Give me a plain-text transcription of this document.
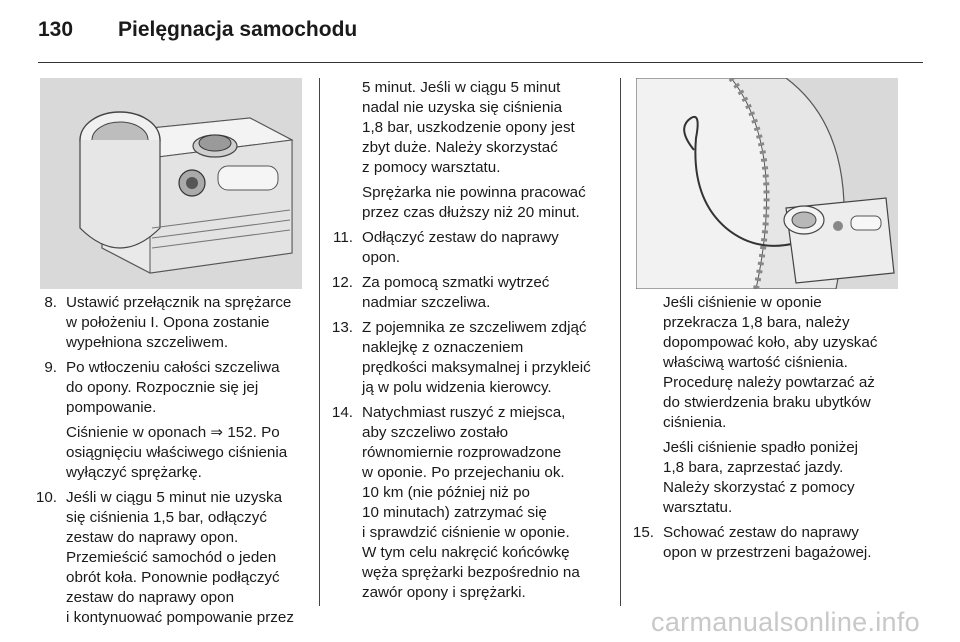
130 Pielęgnacja samochodu
8. Ustawić przełącznik na sprężarce
w położeniu I. Opona zostanie
wypełniona szczeliwem.
9. Po wtłoczeniu całości szczeliwa
do opony. Rozpocznie się jej
pompowanie.
Ciśnienie w oponach ⇒ 152. Po
osiągnięciu właściwego ciśnienia
wyłączyć sprężarkę.
10. Jeśli w ciągu 5 minut nie uzyska
się ciśnienia 1,5 bar, odłączyć
zestaw do naprawy opon.
Przemieścić samochód o jeden
obrót koła. Ponownie podłączyć
zestaw do naprawy opon
i kontynuować pompowanie przez
5 minut. Jeśli w ciągu 5 minut
nadal nie uzyska się ciśnienia
1,8 bar, uszkodzenie opony jest
zbyt duże. Należy skorzystać
z pomocy warsztatu.
Sprężarka nie powinna pracować
przez czas dłuższy niż 20 minut.
11. Odłączyć zestaw do naprawy
opon.
12. Za pomocą szmatki wytrzeć
nadmiar szczeliwa.
13. Z pojemnika ze szczeliwem zdjąć
naklejkę z oznaczeniem
prędkości maksymalnej i przykleić
ją w polu widzenia kierowcy.
14. Natychmiast ruszyć z miejsca,
aby szczeliwo zostało
równomiernie rozprowadzone
w oponie. Po przejechaniu ok.
10 km (nie później niż po
10 minutach) zatrzymać się
i sprawdzić ciśnienie w oponie.
W tym celu nakręcić końcówkę
węża sprężarki bezpośrednio na
zawór opony i sprężarki.
Jeśli ciśnienie w oponie
przekracza 1,8 bara, należy
dopompować koło, aby uzyskać
właściwą wartość ciśnienia.
Procedurę należy powtarzać aż
do stwierdzenia braku ubytków
ciśnienia.
Jeśli ciśnienie spadło poniżej
1,8 bara, zaprzestać jazdy.
Należy skorzystać z pomocy
warsztatu.
15. Schować zestaw do naprawy
opon w przestrzeni bagażowej.
carmanualsonline.info
